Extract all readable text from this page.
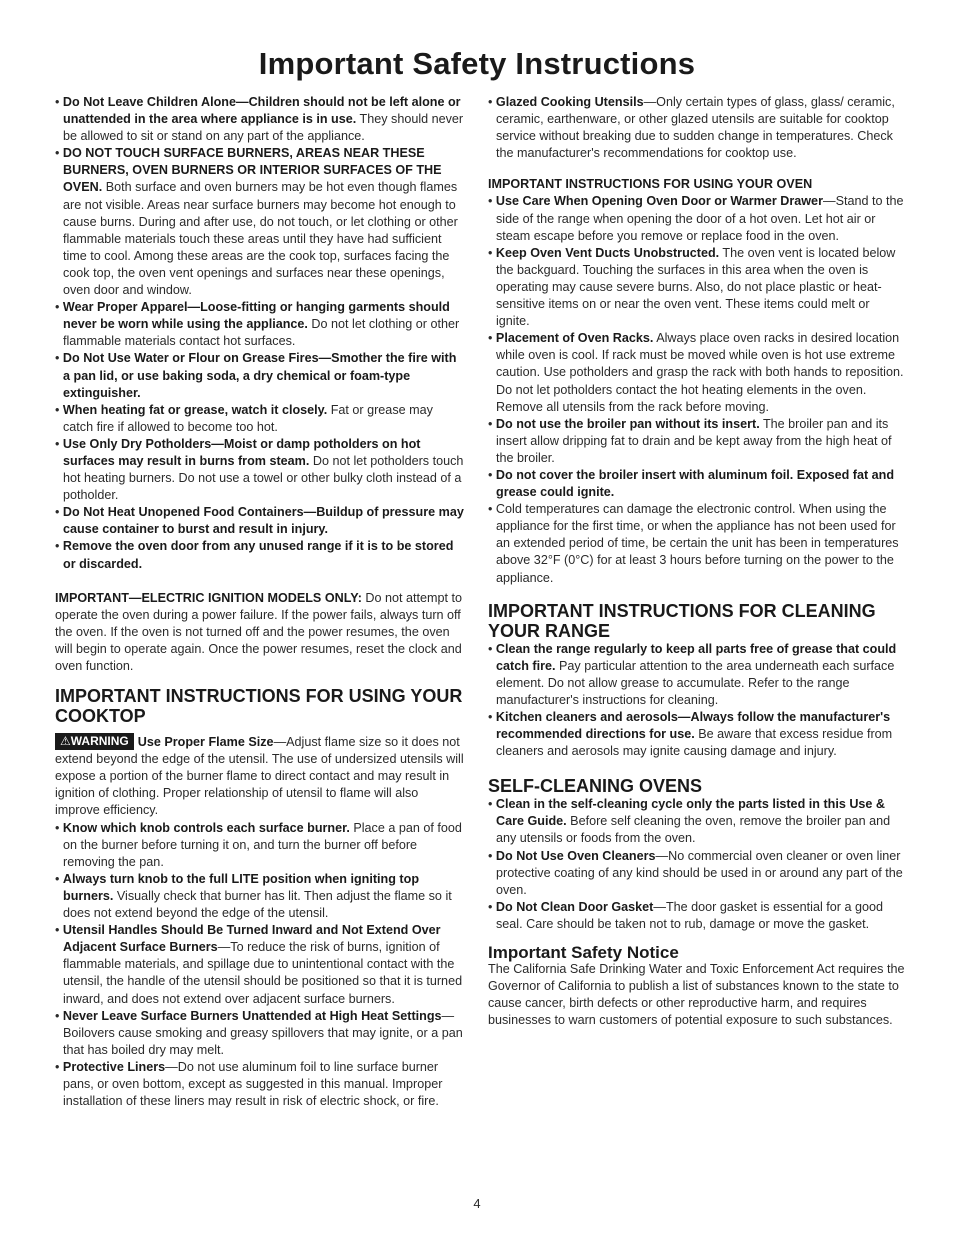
Important Safety Instructions

• Do Not Leave Children Alone—Children should not be left alone or unattended in the area where appliance is in use. They should never be allowed to sit or stand on any part of the appliance.

• DO NOT TOUCH SURFACE BURNERS, AREAS NEAR THESE BURNERS, OVEN BURNERS OR INTERIOR SURFACES OF THE OVEN. Both surface and oven burners may be hot even though flames are not visible. Areas near surface burners may become hot enough to cause burns. During and after use, do not touch, or let clothing or other flammable materials touch these areas until they have had sufficient time to cool. Among these areas are the cook top, surfaces facing the cook top, the oven vent openings and surfaces near these openings, oven door and window.

• Wear Proper Apparel—Loose-fitting or hanging garments should never be worn while using the appliance. Do not let clothing or other flammable materials contact hot surfaces.

• Do Not Use Water or Flour on Grease Fires—Smother the fire with a pan lid, or use baking soda, a dry chemical or foam-type extinguisher.

• When heating fat or grease, watch it closely. Fat or grease may catch fire if allowed to become too hot.

• Use Only Dry Potholders—Moist or damp potholders on hot surfaces may result in burns from steam. Do not let potholders touch hot heating burners. Do not use a towel or other bulky cloth instead of a potholder.

• Do Not Heat Unopened Food Containers—Buildup of pressure may cause container to burst and result in injury.

• Remove the oven door from any unused range if it is to be stored or discarded.

IMPORTANT—ELECTRIC IGNITION MODELS ONLY: Do not attempt to operate the oven during a power failure. If the power fails, always turn off the oven. If the oven is not turned off and the power resumes, the oven will begin to operate again. Once the power resumes, reset the clock and oven function.

IMPORTANT INSTRUCTIONS FOR USING YOUR COOKTOP

⚠WARNING Use Proper Flame Size—Adjust flame size so it does not extend beyond the edge of the utensil. The use of undersized utensils will expose a portion of the burner flame to direct contact and may result in ignition of clothing. Proper relationship of utensil to flame will also improve efficiency.

• Know which knob controls each surface burner. Place a pan of food on the burner before turning it on, and turn the burner off before removing the pan.

• Always turn knob to the full LITE position when igniting top burners. Visually check that burner has lit. Then adjust the flame so it does not extend beyond the edge of the utensil.

• Utensil Handles Should Be Turned Inward and Not Extend Over Adjacent Surface Burners—To reduce the risk of burns, ignition of flammable materials, and spillage due to unintentional contact with the utensil, the handle of the utensil should be positioned so that it is turned inward, and does not extend over adjacent surface burners.

• Never Leave Surface Burners Unattended at High Heat Settings—Boilovers cause smoking and greasy spillovers that may ignite, or a pan that has boiled dry may melt.

• Protective Liners—Do not use aluminum foil to line surface burner pans, or oven bottom, except as suggested in this manual. Improper installation of these liners may result in risk of electric shock, or fire.

• Glazed Cooking Utensils—Only certain types of glass, glass/ ceramic, ceramic, earthenware, or other glazed utensils are suitable for cooktop service without breaking due to sudden change in temperatures. Check the manufacturer's recommendations for cooktop use.

IMPORTANT INSTRUCTIONS FOR USING YOUR OVEN

• Use Care When Opening Oven Door or Warmer Drawer—Stand to the side of the range when opening the door of a hot oven. Let hot air or steam escape before you remove or replace food in the oven.

• Keep Oven Vent Ducts Unobstructed. The oven vent is located below the backguard. Touching the surfaces in this area when the oven is operating may cause severe burns. Also, do not place plastic or heat-sensitive items on or near the oven vent. These items could melt or ignite.

• Placement of Oven Racks. Always place oven racks in desired location while oven is cool. If rack must be moved while oven is hot use extreme caution. Use potholders and grasp the rack with both hands to reposition. Do not let potholders contact the hot heating elements in the oven. Remove all utensils from the rack before moving.

• Do not use the broiler pan without its insert. The broiler pan and its insert allow dripping fat to drain and be kept away from the high heat of the broiler.

• Do not cover the broiler insert with aluminum foil. Exposed fat and grease could ignite.

• Cold temperatures can damage the electronic control. When using the appliance for the first time, or when the appliance has not been used for an extended period of time, be certain the unit has been in temperatures above 32°F (0°C) for at least 3 hours before turning on the power to the appliance.

IMPORTANT INSTRUCTIONS FOR CLEANING YOUR RANGE

• Clean the range regularly to keep all parts free of grease that could catch fire. Pay particular attention to the area underneath each surface element. Do not allow grease to accumulate. Refer to the range manufacturer's instructions for cleaning.

• Kitchen cleaners and aerosols—Always follow the manufacturer's recommended directions for use. Be aware that excess residue from cleaners and aerosols may ignite causing damage and injury.

SELF-CLEANING OVENS

• Clean in the self-cleaning cycle only the parts listed in this Use & Care Guide. Before self cleaning the oven, remove the broiler pan and any utensils or foods from the oven.

• Do Not Use Oven Cleaners—No commercial oven cleaner or oven liner protective coating of any kind should be used in or around any part of the oven.

• Do Not Clean Door Gasket—The door gasket is essential for a good seal. Care should be taken not to rub, damage or move the gasket.

Important Safety Notice

The California Safe Drinking Water and Toxic Enforcement Act requires the Governor of California to publish a list of substances known to the state to cause cancer, birth defects or other reproductive harm, and requires businesses to warn customers of potential exposure to such substances.

4
